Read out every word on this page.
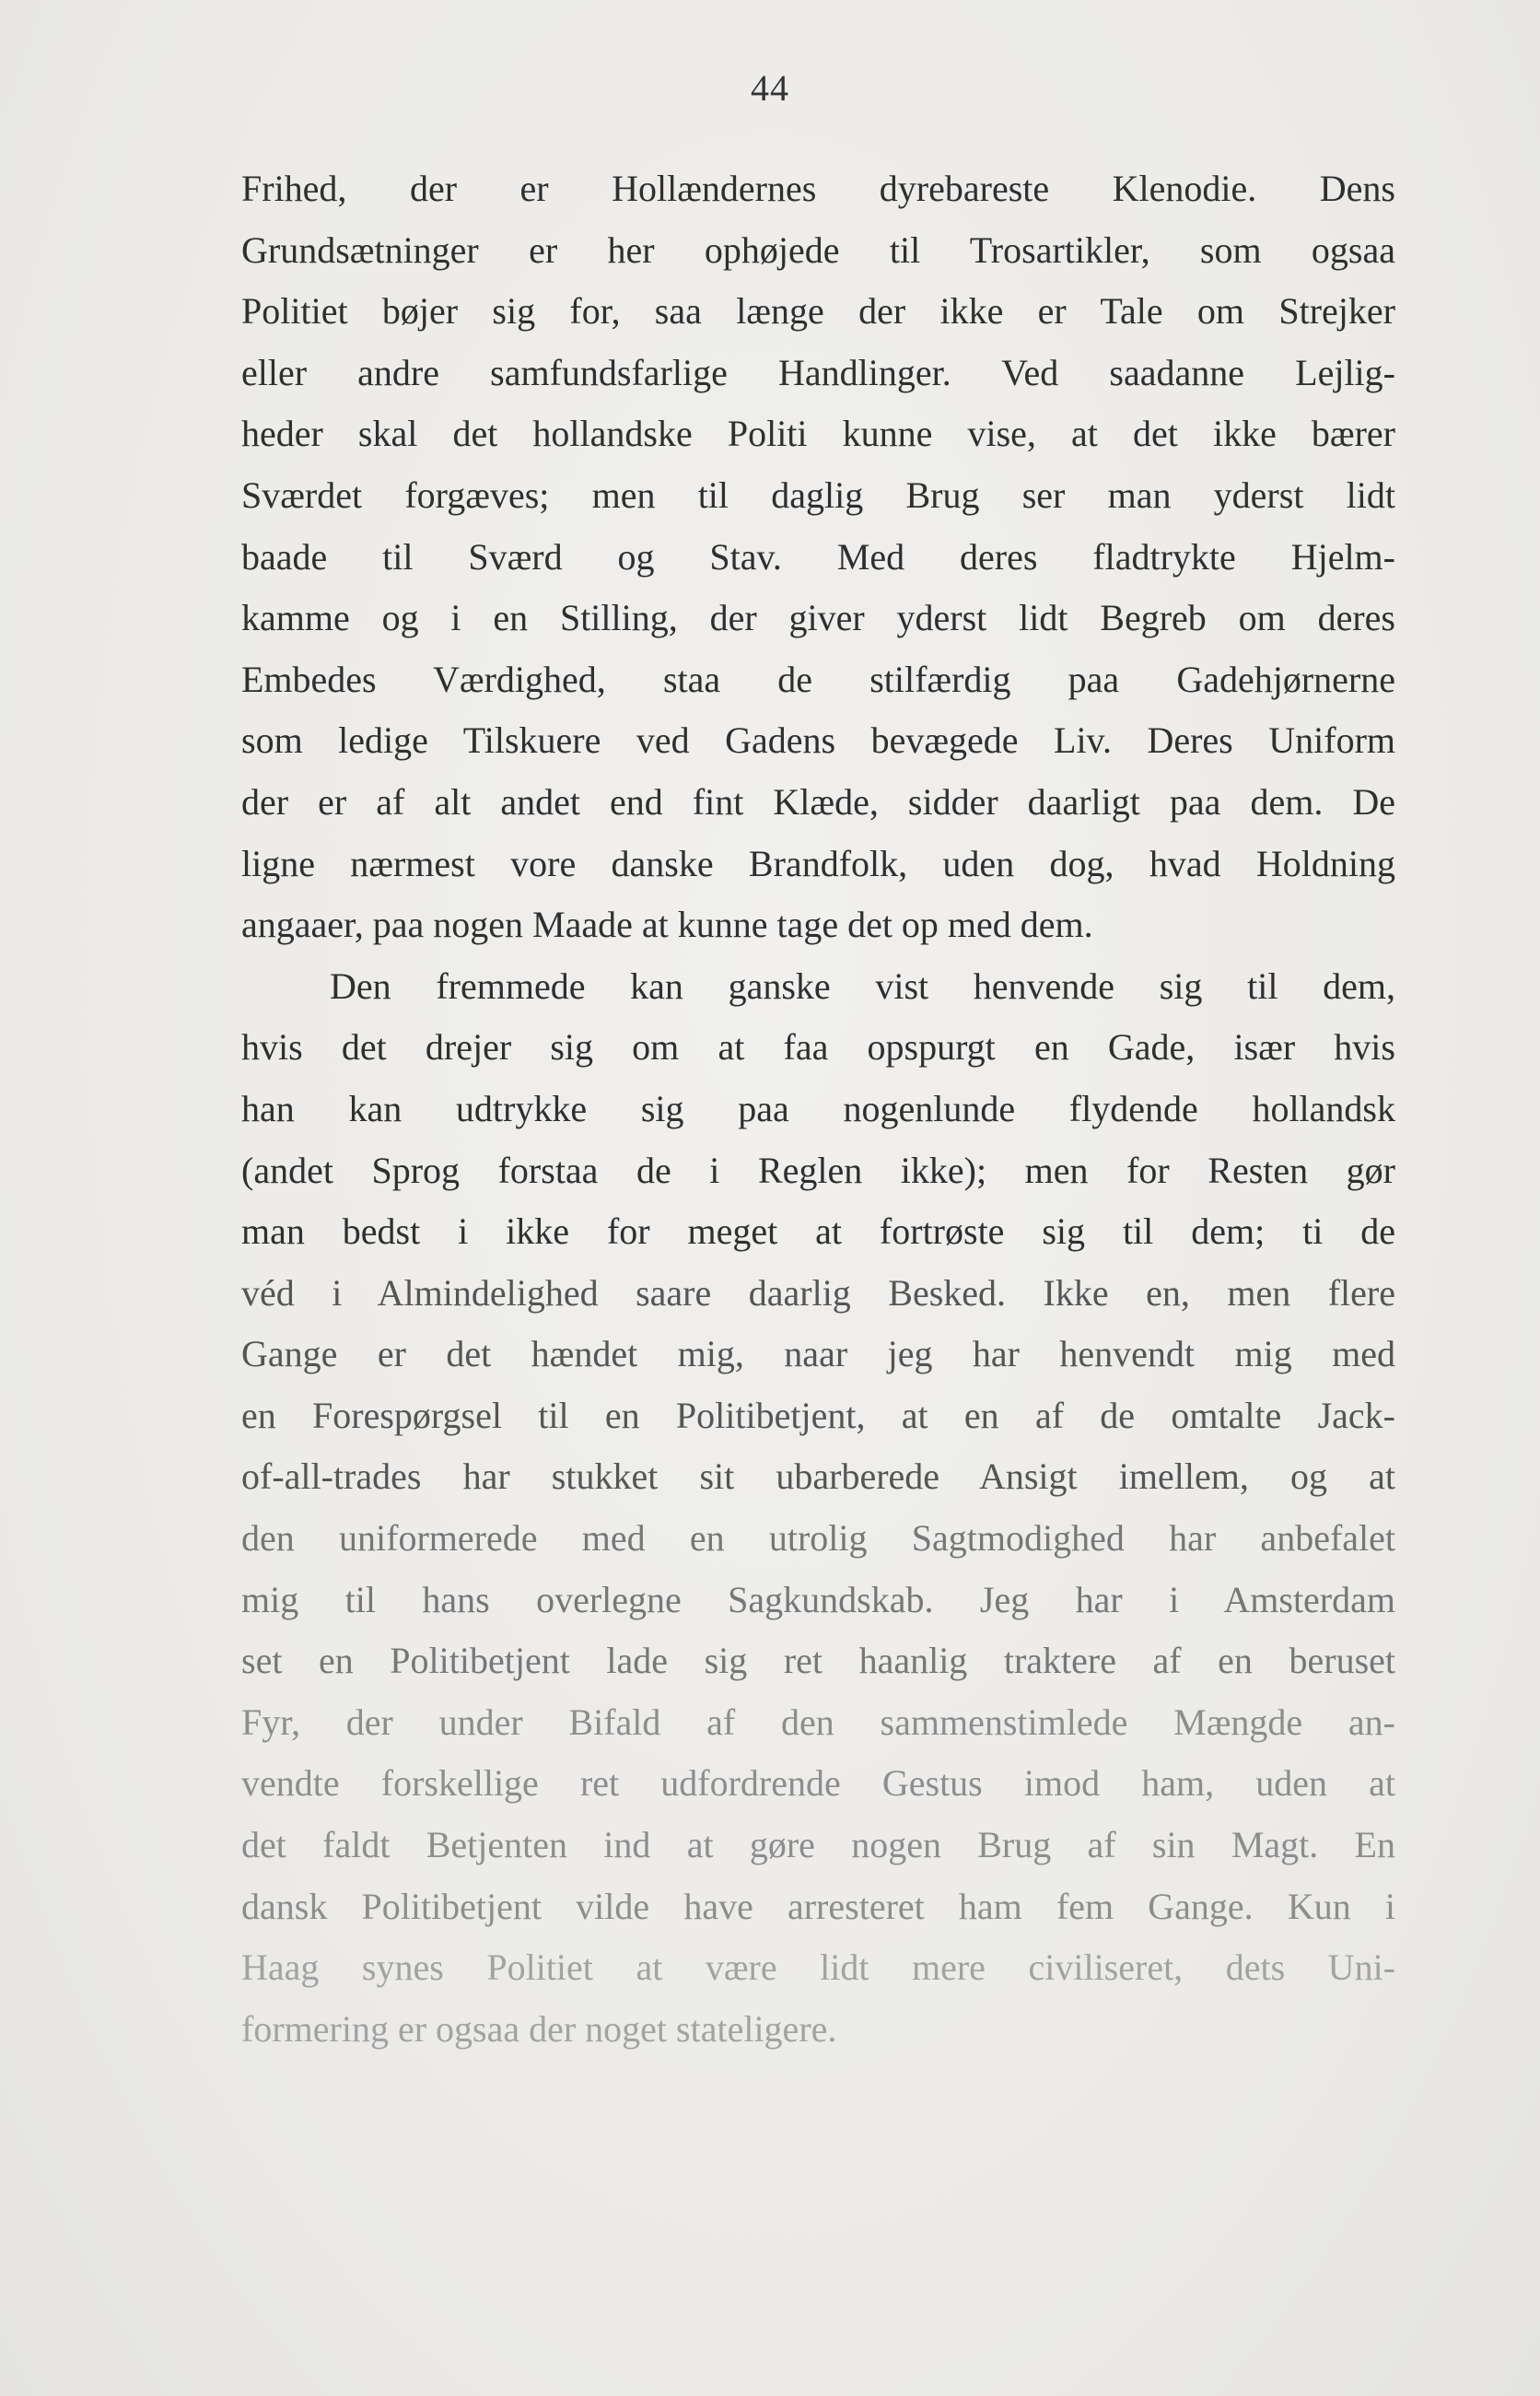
44
Frihed, der er Hollændernes dyrebareste Klenodie. Dens
Grundsætninger er her ophøjede til Trosartikler, som ogsaa
Politiet bøjer sig for, saa længe der ikke er Tale om Strejker
eller andre samfundsfarlige Handlinger. Ved saadanne Lejlig-
heder skal det hollandske Politi kunne vise, at det ikke bærer
Sværdet forgæves; men til daglig Brug ser man yderst lidt
baade til Sværd og Stav. Med deres fladtrykte Hjelm-
kamme og i en Stilling, der giver yderst lidt Begreb om deres
Embedes Værdighed, staa de stilfærdig paa Gadehjørnerne
som ledige Tilskuere ved Gadens bevægede Liv. Deres Uniform
der er af alt andet end fint Klæde, sidder daarligt paa dem. De
ligne nærmest vore danske Brandfolk, uden dog, hvad Holdning
angaaer, paa nogen Maade at kunne tage det op med dem.
Den fremmede kan ganske vist henvende sig til dem,
hvis det drejer sig om at faa opspurgt en Gade, især hvis
han kan udtrykke sig paa nogenlunde flydende hollandsk
(andet Sprog forstaa de i Reglen ikke); men for Resten gør
man bedst i ikke for meget at fortrøste sig til dem; ti de
véd i Almindelighed saare daarlig Besked. Ikke en, men flere
Gange er det hændet mig, naar jeg har henvendt mig med
en Forespørgsel til en Politibetjent, at en af de omtalte Jack-
of-all-trades har stukket sit ubarberede Ansigt imellem, og at
den uniformerede med en utrolig Sagtmodighed har anbefalet
mig til hans overlegne Sagkundskab. Jeg har i Amsterdam
set en Politibetjent lade sig ret haanlig traktere af en beruset
Fyr, der under Bifald af den sammenstimlede Mængde an-
vendte forskellige ret udfordrende Gestus imod ham, uden at
det faldt Betjenten ind at gøre nogen Brug af sin Magt. En
dansk Politibetjent vilde have arresteret ham fem Gange. Kun i
Haag synes Politiet at være lidt mere civiliseret, dets Uni-
formering er ogsaa der noget stateligere.
